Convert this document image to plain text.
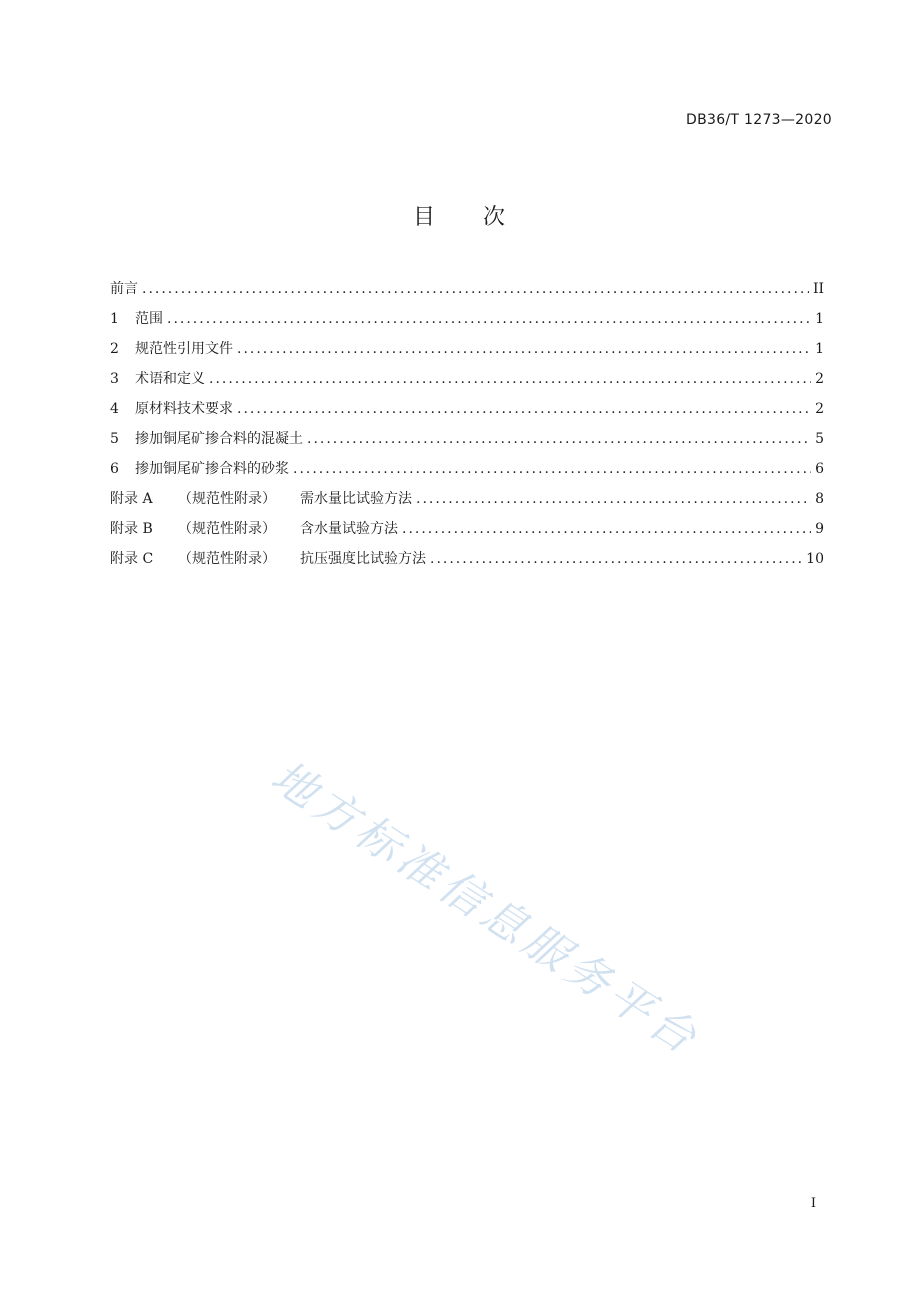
DB36/T 1273—2020
目 次
前言 .....	II
1	范围 .....	1
2	规范性引用文件 .....	1
3	术语和定义 .....	2
4	原材料技术要求 .....	2
5	掺加铜尾矿掺合料的混凝土 .....	5
6	掺加铜尾矿掺合料的砂浆 .....	6
附录 A	（规范性附录）	需水量比试验方法 .....	8
附录 B	（规范性附录）	含水量试验方法 .....	9
附录 C	（规范性附录）	抗压强度比试验方法 .....	10
地方标准信息服务平台
I
